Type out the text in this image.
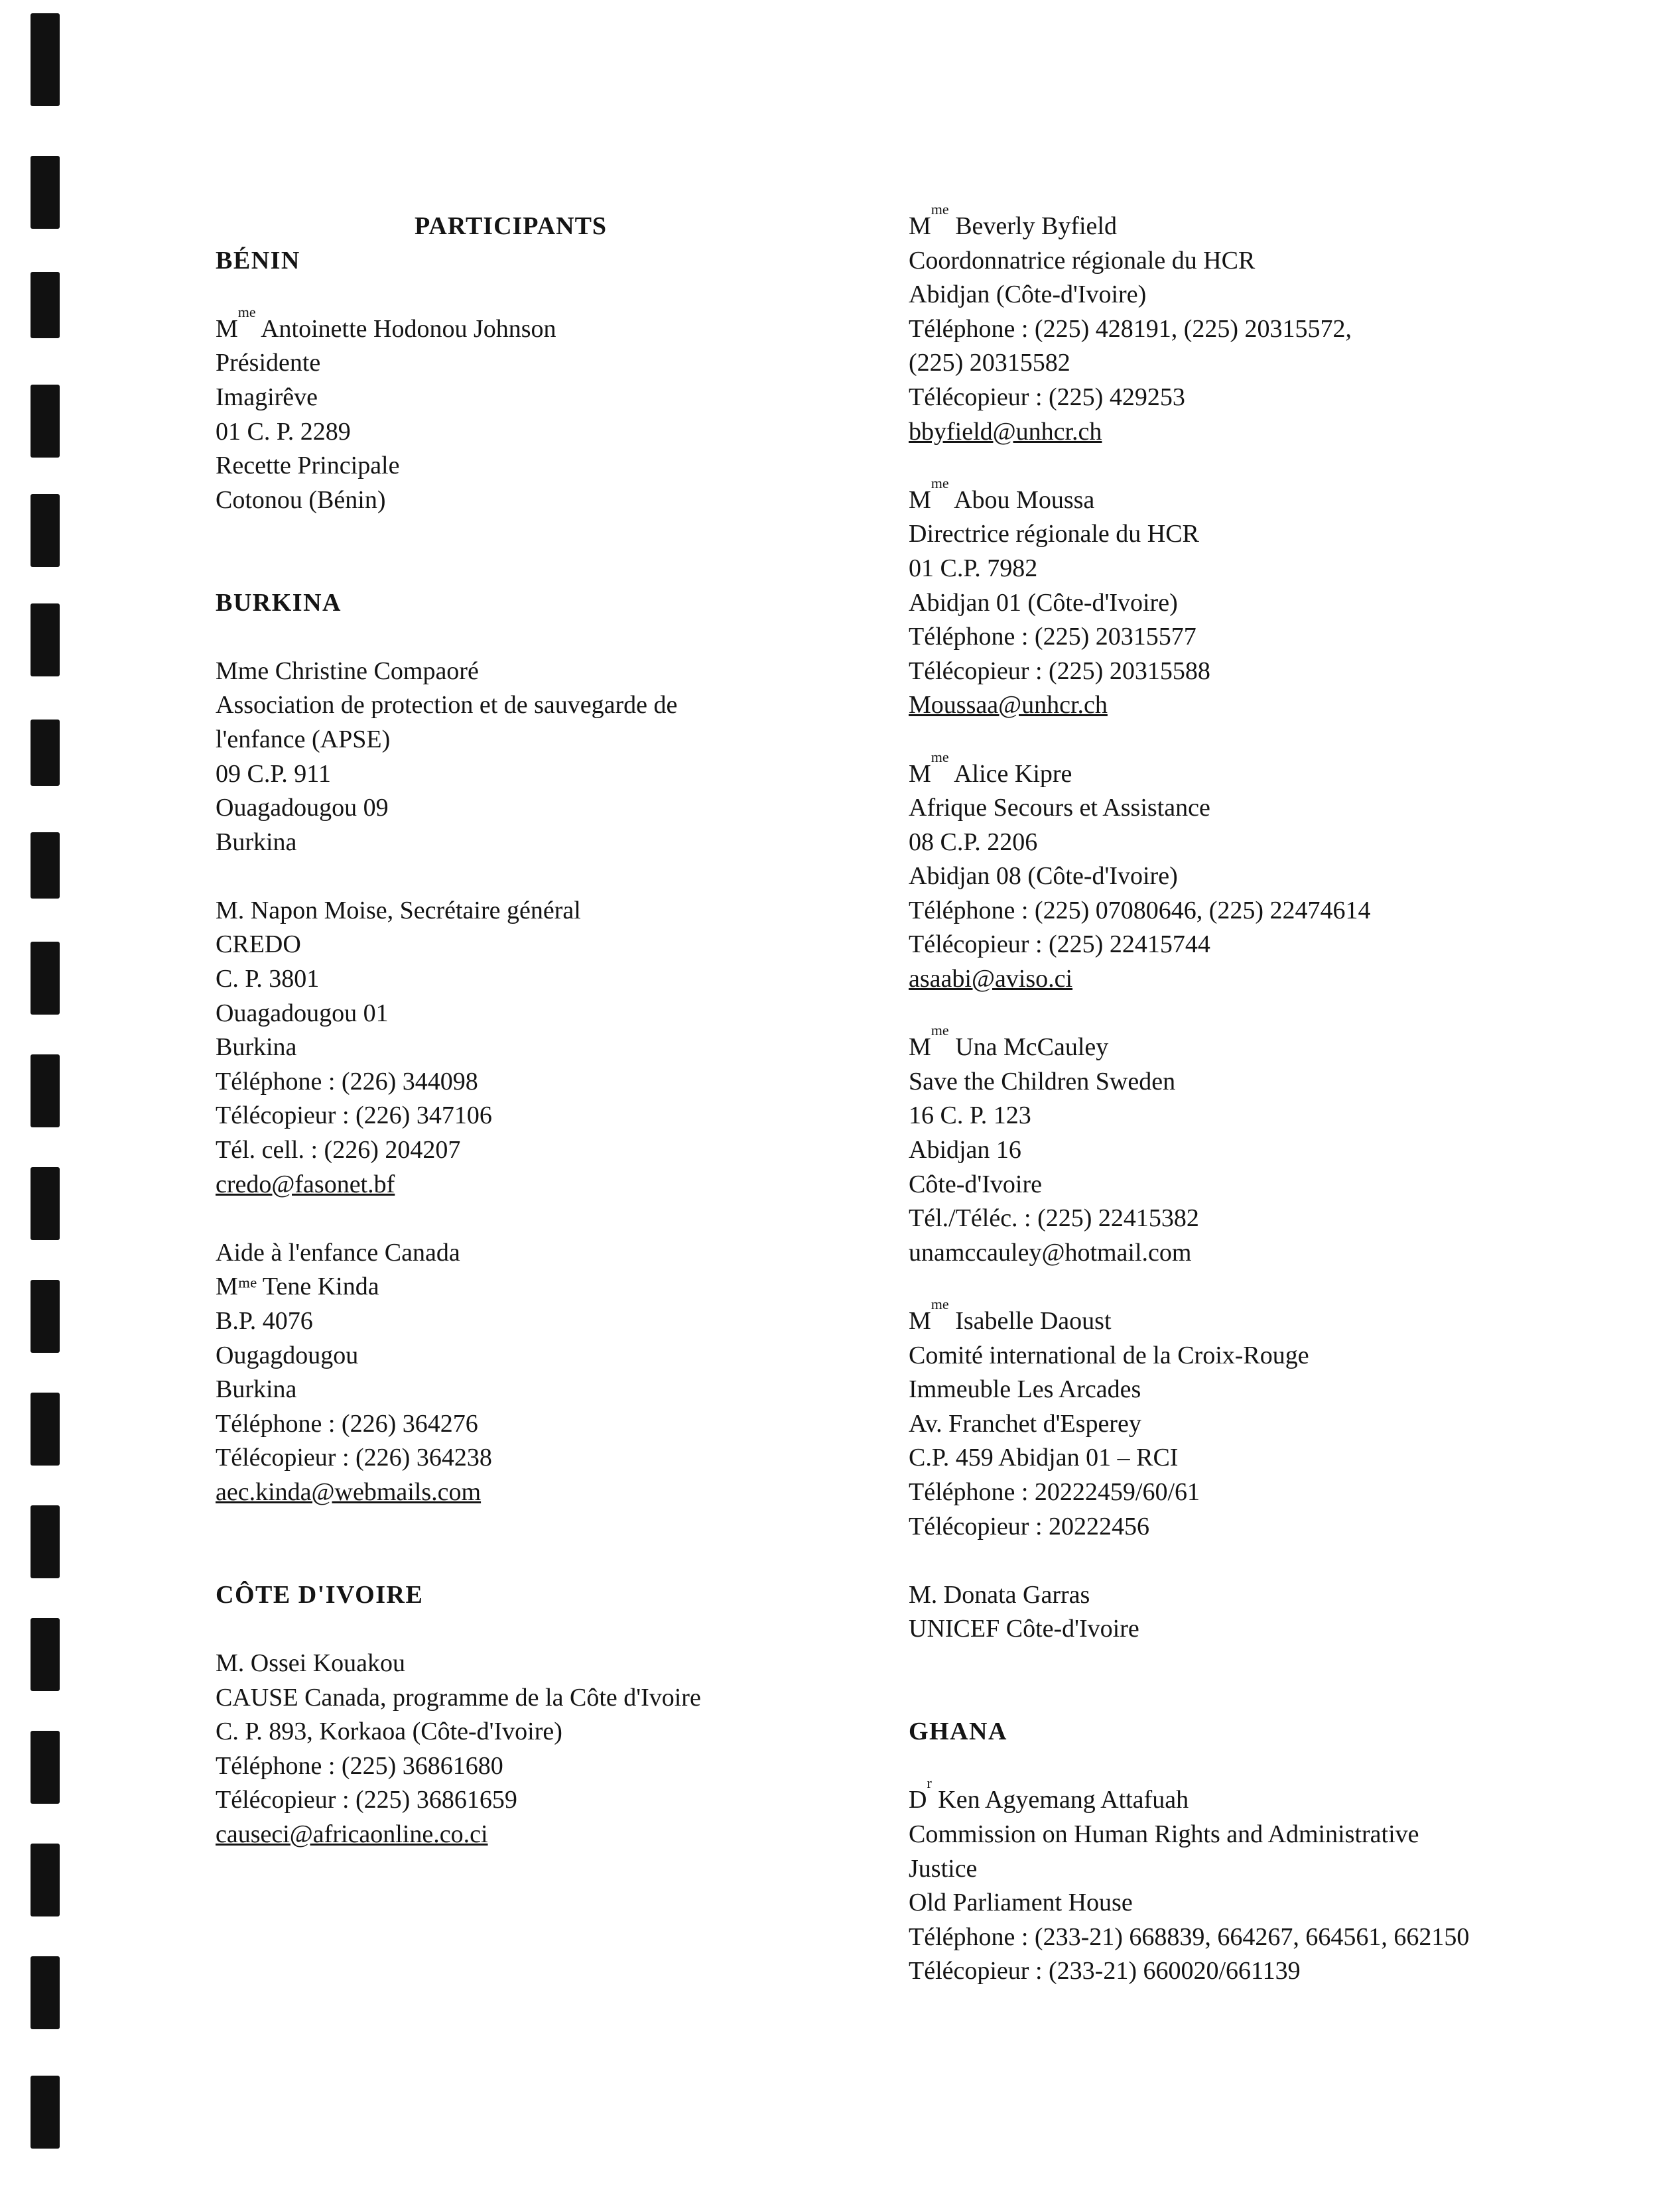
PARTICIPANTS
BÉNIN
M
me
Antoinette Hodonou Johnson
Présidente
Imagirêve
01 C. P. 2289
Recette Principale
Cotonou (Bénin)
BURKINA
Mme Christine Compaoré
Association de protection et de sauvegarde de
l'enfance (APSE)
09 C.P. 911
Ouagadougou 09
Burkina
M. Napon Moise, Secrétaire général
CREDO
C. P. 3801
Ouagadougou 01
Burkina
Téléphone : (226) 344098
Télécopieur : (226) 347106
Tél. cell. : (226) 204207
credo@fasonet.bf
Aide à l'enfance Canada
Mᵐᵉ Tene Kinda
B.P. 4076
Ougagdougou
Burkina
Téléphone : (226) 364276
Télécopieur : (226) 364238
aec.kinda@webmails.com
CÔTE D'IVOIRE
M. Ossei Kouakou
CAUSE Canada, programme de la Côte d'Ivoire
C. P. 893, Korkaoa (Côte-d'Ivoire)
Téléphone : (225) 36861680
Télécopieur : (225) 36861659
causeci@africaonline.co.ci
M
me
Beverly Byfield
Coordonnatrice régionale du HCR
Abidjan (Côte-d'Ivoire)
Téléphone : (225) 428191, (225) 20315572,
(225) 20315582
Télécopieur : (225) 429253
bbyfield@unhcr.ch
M
me
Abou Moussa
Directrice régionale du HCR
01 C.P. 7982
Abidjan 01 (Côte-d'Ivoire)
Téléphone : (225) 20315577
Télécopieur : (225) 20315588
Moussaa@unhcr.ch
M
me
Alice Kipre
Afrique Secours et Assistance
08 C.P. 2206
Abidjan 08 (Côte-d'Ivoire)
Téléphone : (225) 07080646, (225) 22474614
Télécopieur : (225) 22415744
asaabi@aviso.ci
M
me
Una McCauley
Save the Children Sweden
16 C. P. 123
Abidjan 16
Côte-d'Ivoire
Tél./Téléc. : (225) 22415382
unamccauley@hotmail.com
M
me
Isabelle Daoust
Comité international de la Croix-Rouge
Immeuble Les Arcades
Av. Franchet d'Esperey
C.P. 459 Abidjan 01 – RCI
Téléphone : 20222459/60/61
Télécopieur : 20222456
M. Donata Garras
UNICEF Côte-d'Ivoire
GHANA
D
r
Ken Agyemang Attafuah
Commission on Human Rights and Administrative
Justice
Old Parliament House
Téléphone : (233-21) 668839, 664267, 664561, 662150
Télécopieur : (233-21) 660020/661139
